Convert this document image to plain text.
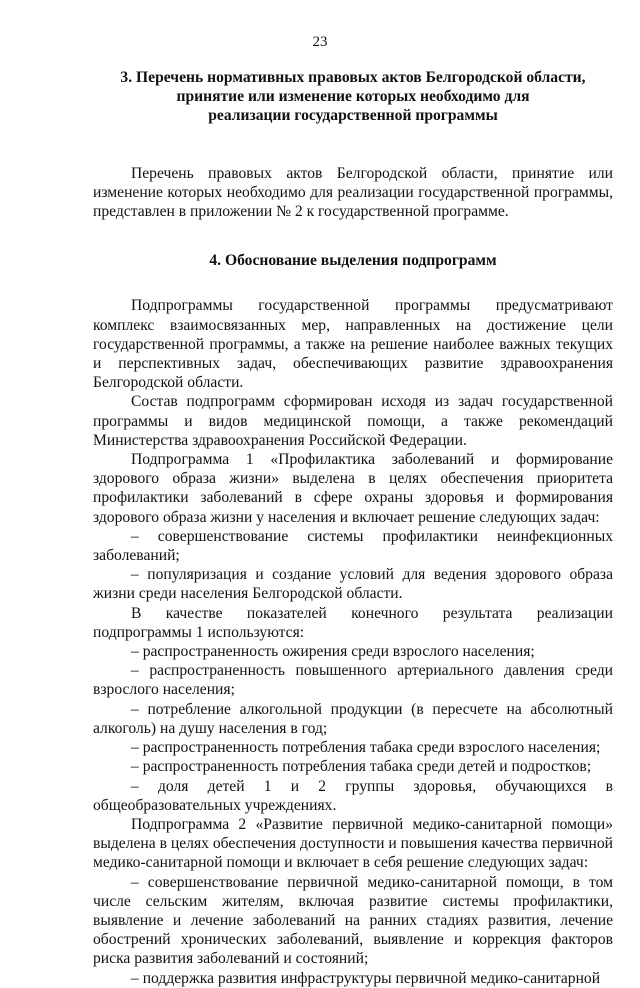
23
3. Перечень нормативных правовых актов Белгородской области,
принятие или изменение которых необходимо для
реализации государственной программы

Перечень правовых актов Белгородской области, принятие или изменение которых необходимо для реализации государственной программы, представлен в приложении № 2 к государственной программе.

4. Обоснование выделения подпрограмм

Подпрограммы государственной программы предусматривают комплекс взаимосвязанных мер, направленных на достижение цели государственной программы, а также на решение наиболее важных текущих и перспективных задач, обеспечивающих развитие здравоохранения Белгородской области.

Состав подпрограмм сформирован исходя из задач государственной программы и видов медицинской помощи, а также рекомендаций Министерства здравоохранения Российской Федерации.

Подпрограмма 1 «Профилактика заболеваний и формирование здорового образа жизни» выделена в целях обеспечения приоритета профилактики заболеваний в сфере охраны здоровья и формирования здорового образа жизни у населения и включает решение следующих задач:

– совершенствование системы профилактики неинфекционных заболеваний;

– популяризация и создание условий для ведения здорового образа жизни среди населения Белгородской области.

В качестве показателей конечного результата реализации подпрограммы 1 используются:

– распространенность ожирения среди взрослого населения;

– распространенность повышенного артериального давления среди взрослого населения;

– потребление алкогольной продукции (в пересчете на абсолютный алкоголь) на душу населения в год;

– распространенность потребления табака среди взрослого населения;

– распространенность потребления табака среди детей и подростков;

– доля детей 1 и 2 группы здоровья, обучающихся в общеобразовательных учреждениях.

Подпрограмма 2 «Развитие первичной медико-санитарной помощи» выделена в целях обеспечения доступности и повышения качества первичной медико-санитарной помощи и включает в себя решение следующих задач:

– совершенствование первичной медико-санитарной помощи, в том числе сельским жителям, включая развитие системы профилактики, выявление и лечение заболеваний на ранних стадиях развития, лечение обострений хронических заболеваний, выявление и коррекция факторов риска развития заболеваний и состояний;

– поддержка развития инфраструктуры первичной медико-санитарной
